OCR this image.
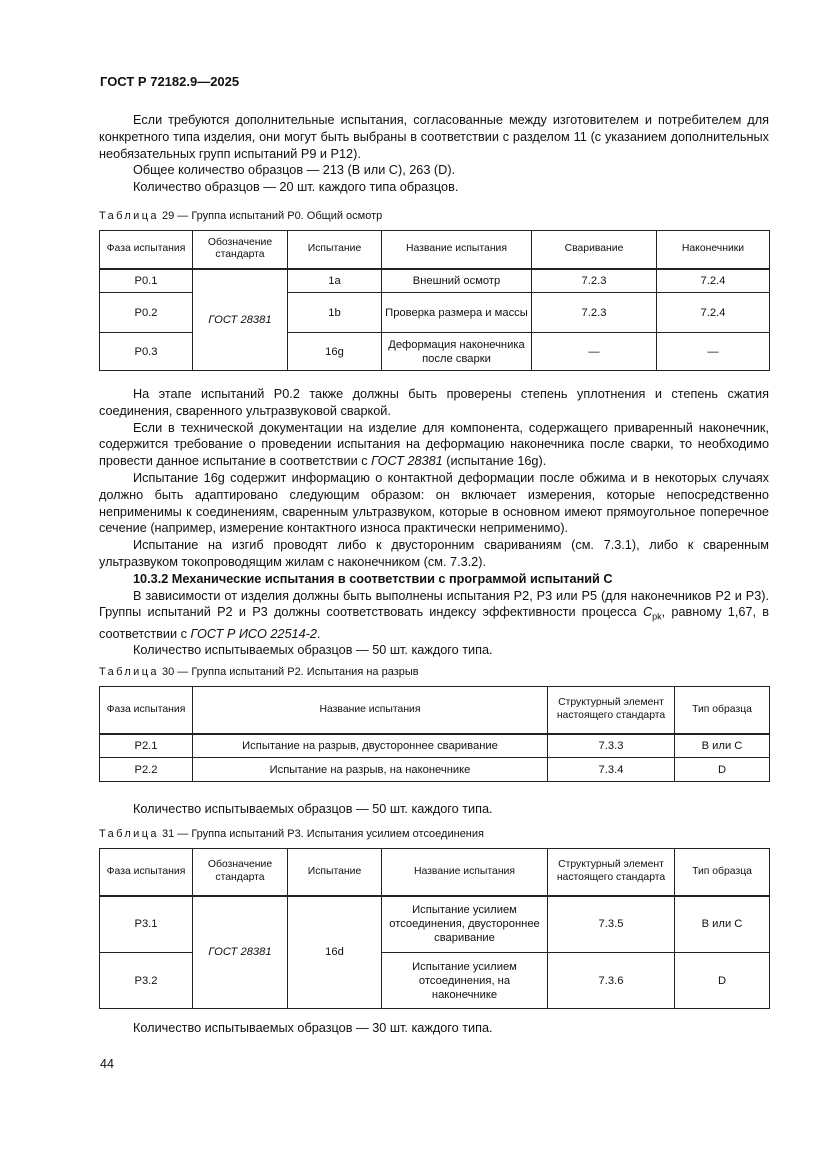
ГОСТ Р 72182.9—2025

Если требуются дополнительные испытания, согласованные между изготовителем и потребителем для конкретного типа изделия, они могут быть выбраны в соответствии с разделом 11 (с указанием дополнительных необязательных групп испытаний Р9 и Р12).

Общее количество образцов — 213 (B или C), 263 (D).

Количество образцов — 20 шт. каждого типа образцов.

Таблица 29 — Группа испытаний Р0. Общий осмотр
Фаза испытания	Обозначение стандарта	Испытание	Название испытания	Сваривание	Наконечники
P0.1	ГОСТ 28381	1a	Внешний осмотр	7.2.3	7.2.4
P0.2		1b	Проверка размера и массы	7.2.3	7.2.4
P0.3		16g	Деформация наконечника после сварки	—	—

На этапе испытаний Р0.2 также должны быть проверены степень уплотнения и степень сжатия соединения, сваренного ультразвуковой сваркой.

Если в технической документации на изделие для компонента, содержащего приваренный наконечник, содержится требование о проведении испытания на деформацию наконечника после сварки, то необходимо провести данное испытание в соответствии с ГОСТ 28381 (испытание 16g).

Испытание 16g содержит информацию о контактной деформации после обжима и в некоторых случаях должно быть адаптировано следующим образом: он включает измерения, которые непосредственно неприменимы к соединениям, сваренным ультразвуком, которые в основном имеют прямоугольное поперечное сечение (например, измерение контактного износа практически неприменимо).

Испытание на изгиб проводят либо к двусторонним свариваниям (см. 7.3.1), либо к сваренным ультразвуком токопроводящим жилам с наконечником (см. 7.3.2).

10.3.2 Механические испытания в соответствии с программой испытаний С

В зависимости от изделия должны быть выполнены испытания Р2, Р3 или Р5 (для наконечников Р2 и Р3). Группы испытаний Р2 и Р3 должны соответствовать индексу эффективности процесса $C_{pk}$, равному 1,67, в соответствии с ГОСТ Р ИСО 22514-2.

Количество испытываемых образцов — 50 шт. каждого типа.

Таблица 30 — Группа испытаний Р2. Испытания на разрыв
Фаза испытания	Название испытания	Структурный элемент настоящего стандарта	Тип образца
P2.1	Испытание на разрыв, двустороннее сваривание	7.3.3	B или C
P2.2	Испытание на разрыв, на наконечнике	7.3.4	D

Количество испытываемых образцов — 50 шт. каждого типа.

Таблица 31 — Группа испытаний Р3. Испытания усилием отсоединения
Фаза испытания	Обозначение стандарта	Испытание	Название испытания	Структурный элемент настоящего стандарта	Тип образца
P3.1	ГОСТ 28381	16d	Испытание усилием отсоединения, двустороннее сваривание	7.3.5	B или C
P3.2			Испытание усилием отсоединения, на наконечнике	7.3.6	D

Количество испытываемых образцов — 30 шт. каждого типа.

44
